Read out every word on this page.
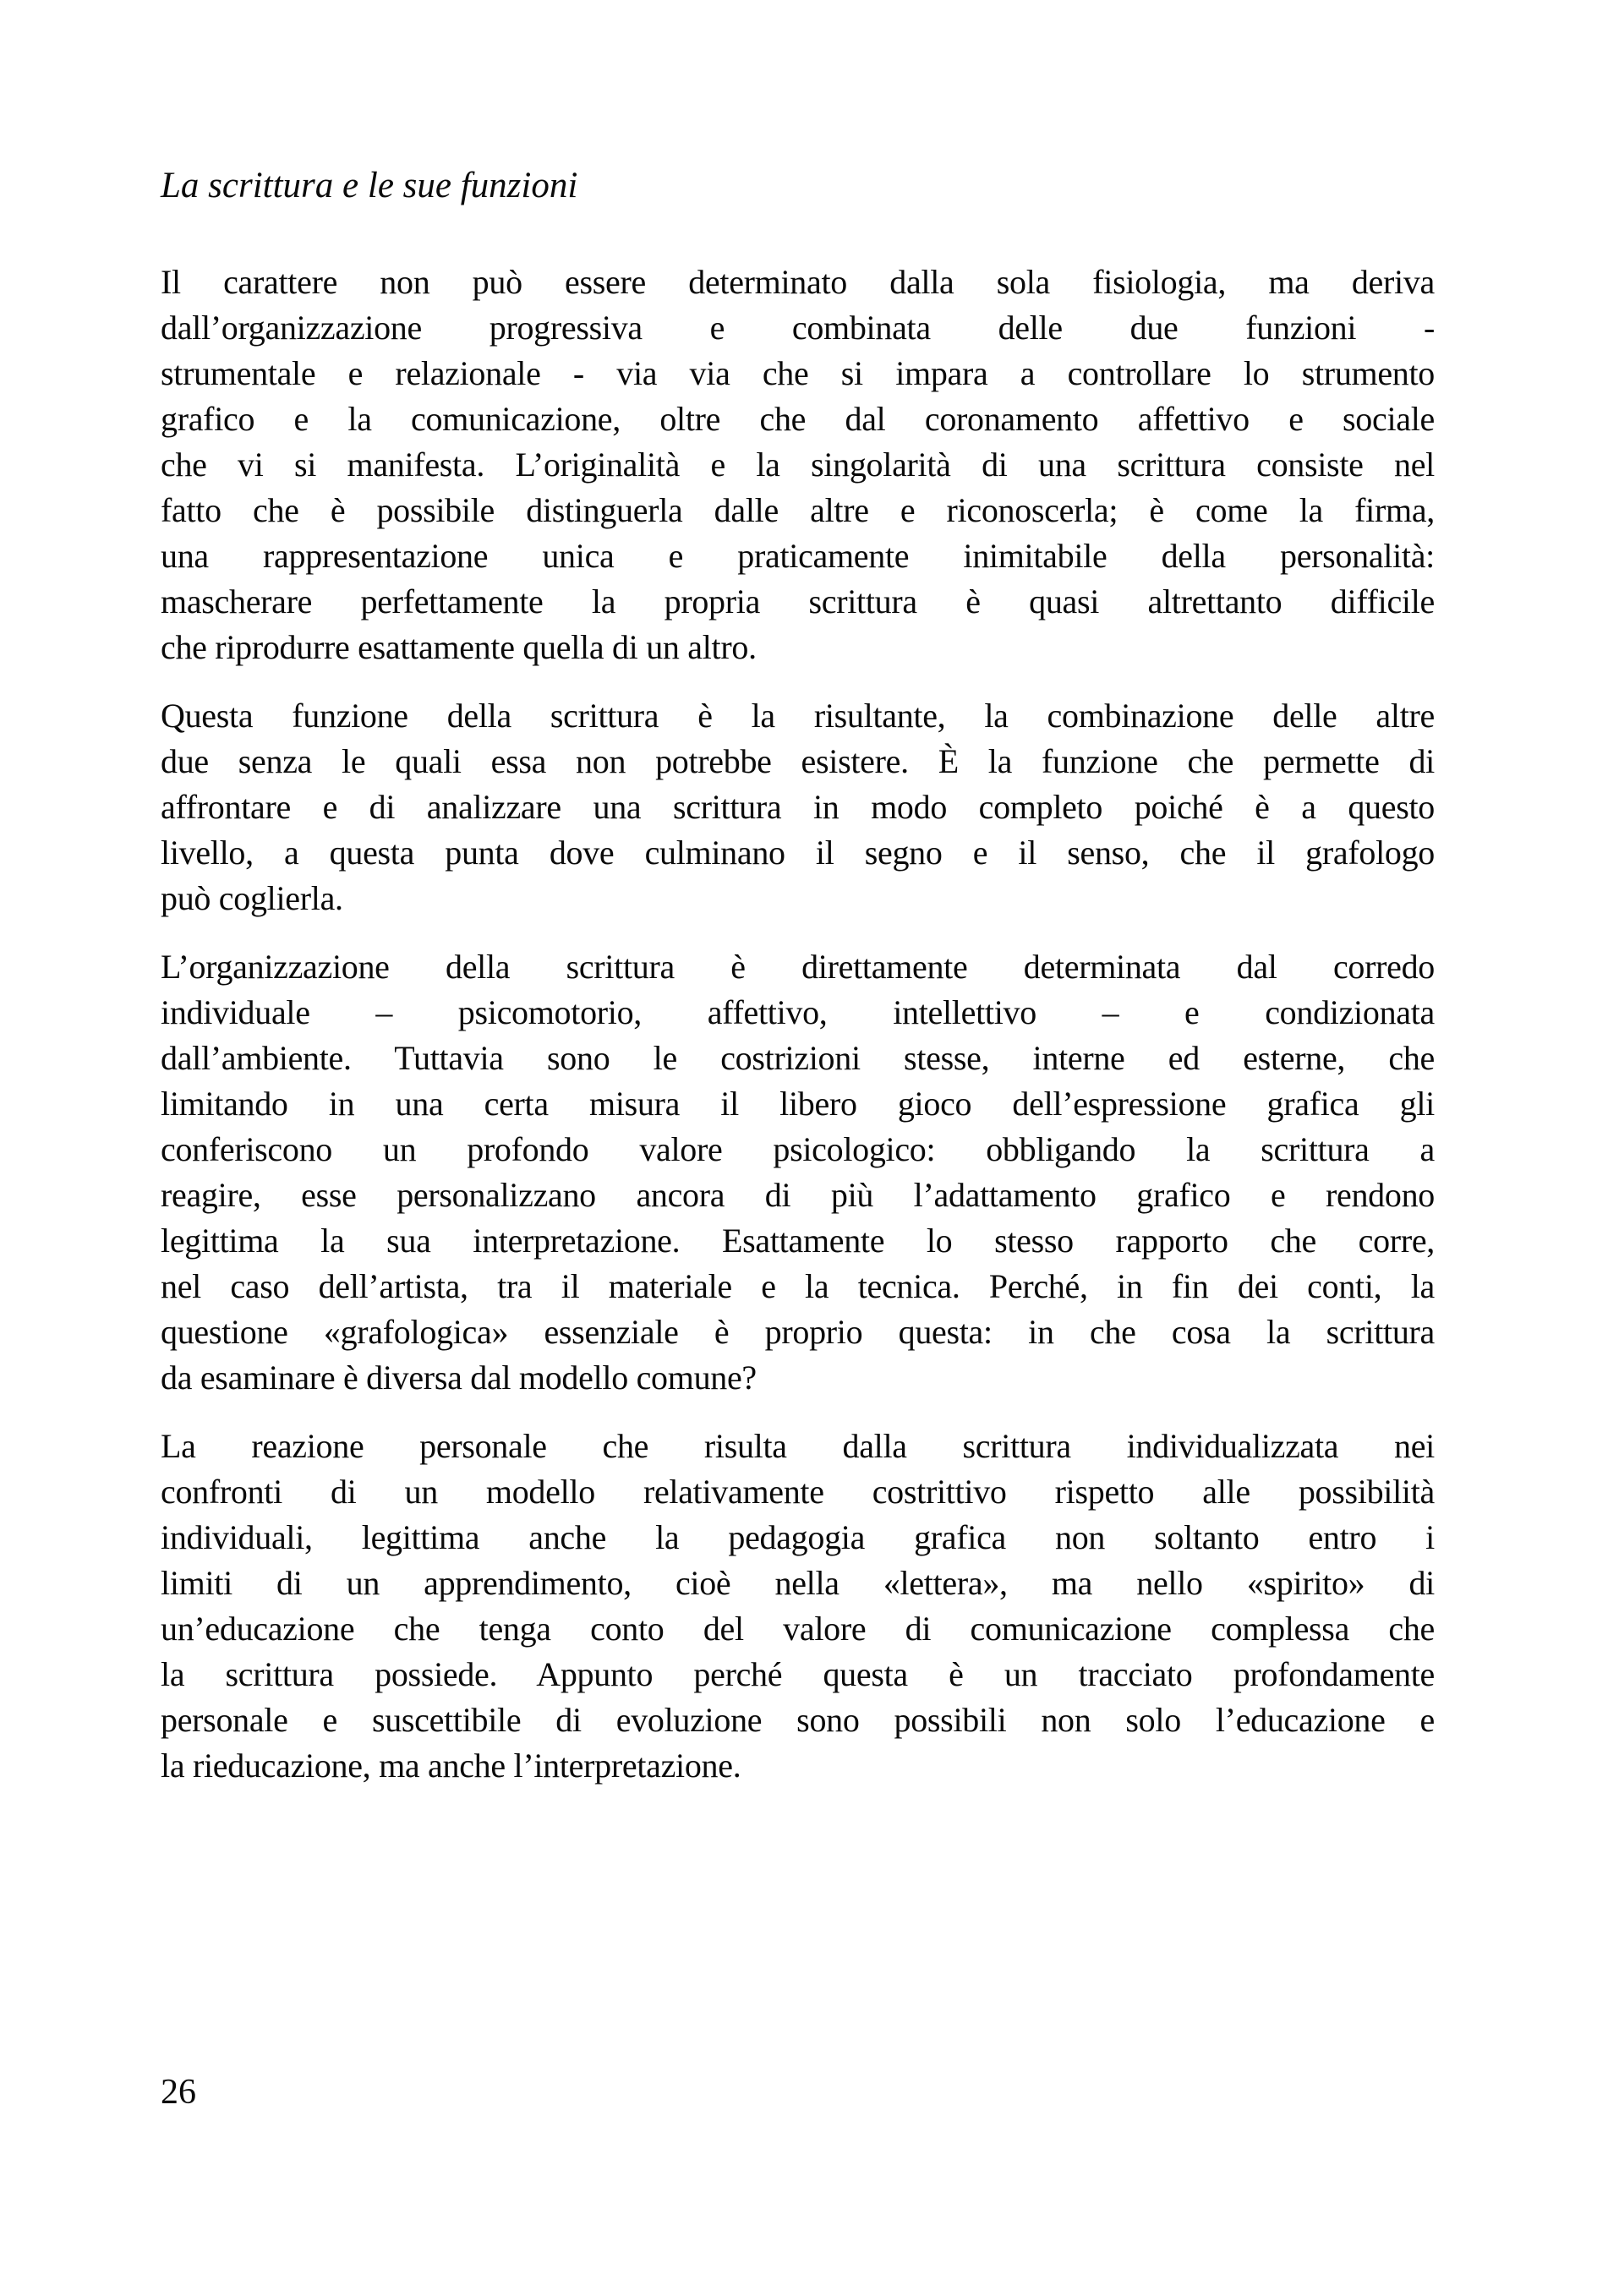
La scrittura e le sue funzioni
Il carattere non può essere determinato dalla sola fisiologia, ma deriva
dall’organizzazione progressiva e combinata delle due funzioni -
strumentale e relazionale - via via che si impara a controllare lo strumento
grafico e la comunicazione, oltre che dal coronamento affettivo e sociale
che vi si manifesta. L’originalità e la singolarità di una scrittura consiste nel
fatto che è possibile distinguerla dalle altre e riconoscerla; è come la firma,
una rappresentazione unica e praticamente inimitabile della personalità:
mascherare perfettamente la propria scrittura è quasi altrettanto difficile
che riprodurre esattamente quella di un altro.
Questa funzione della scrittura è la risultante, la combinazione delle altre
due senza le quali essa non potrebbe esistere. È la funzione che permette di
affrontare e di analizzare una scrittura in modo completo poiché è a questo
livello, a questa punta dove culminano il segno e il senso, che il grafologo
può coglierla.
L’organizzazione della scrittura è direttamente determinata dal corredo
individuale – psicomotorio, affettivo, intellettivo – e condizionata
dall’ambiente. Tuttavia sono le costrizioni stesse, interne ed esterne, che
limitando in una certa misura il libero gioco dell’espressione grafica gli
conferiscono un profondo valore psicologico: obbligando la scrittura a
reagire, esse personalizzano ancora di più l’adattamento grafico e rendono
legittima la sua interpretazione. Esattamente lo stesso rapporto che corre,
nel caso dell’artista, tra il materiale e la tecnica. Perché, in fin dei conti, la
questione «grafologica» essenziale è proprio questa: in che cosa la scrittura
da esaminare è diversa dal modello comune?
La reazione personale che risulta dalla scrittura individualizzata nei
confronti di un modello relativamente costrittivo rispetto alle possibilità
individuali, legittima anche la pedagogia grafica non soltanto entro i
limiti di un apprendimento, cioè nella «lettera», ma nello «spirito» di
un’educazione che tenga conto del valore di comunicazione complessa che
la scrittura possiede. Appunto perché questa è un tracciato profondamente
personale e suscettibile di evoluzione sono possibili non solo l’educazione e
la rieducazione, ma anche l’interpretazione.
26
